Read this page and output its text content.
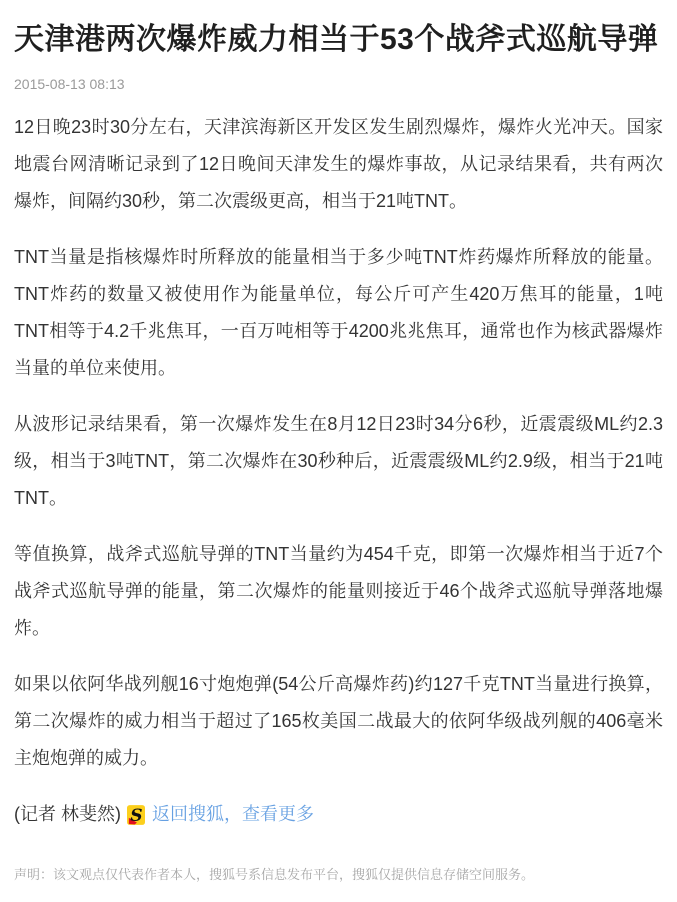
天津港两次爆炸威力相当于53个战斧式巡航导弹
2015-08-13 08:13

12日晚23时30分左右，天津滨海新区开发区发生剧烈爆炸，爆炸火光冲天。国家地震台网清晰记录到了12日晚间天津发生的爆炸事故，从记录结果看，共有两次爆炸，间隔约30秒，第二次震级更高，相当于21吨TNT。

TNT当量是指核爆炸时所释放的能量相当于多少吨TNT炸药爆炸所释放的能量。TNT炸药的数量又被使用作为能量单位，每公斤可产生420万焦耳的能量，1吨TNT相等于4.2千兆焦耳，一百万吨相等于4200兆兆焦耳，通常也作为核武器爆炸当量的单位来使用。

从波形记录结果看，第一次爆炸发生在8月12日23时34分6秒，近震震级ML约2.3级，相当于3吨TNT，第二次爆炸在30秒种后，近震震级ML约2.9级，相当于21吨TNT。

等值换算，战斧式巡航导弹的TNT当量约为454千克，即第一次爆炸相当于近7个战斧式巡航导弹的能量，第二次爆炸的能量则接近于46个战斧式巡航导弹落地爆炸。

如果以依阿华战列舰16寸炮炮弹(54公斤高爆炸药)约127千克TNT当量进行换算，第二次爆炸的威力相当于超过了165枚美国二战最大的依阿华级战列舰的406毫米主炮炮弹的威力。

(记者 林斐然) S 返回搜狐，查看更多
声明：该文观点仅代表作者本人，搜狐号系信息发布平台，搜狐仅提供信息存储空间服务。
